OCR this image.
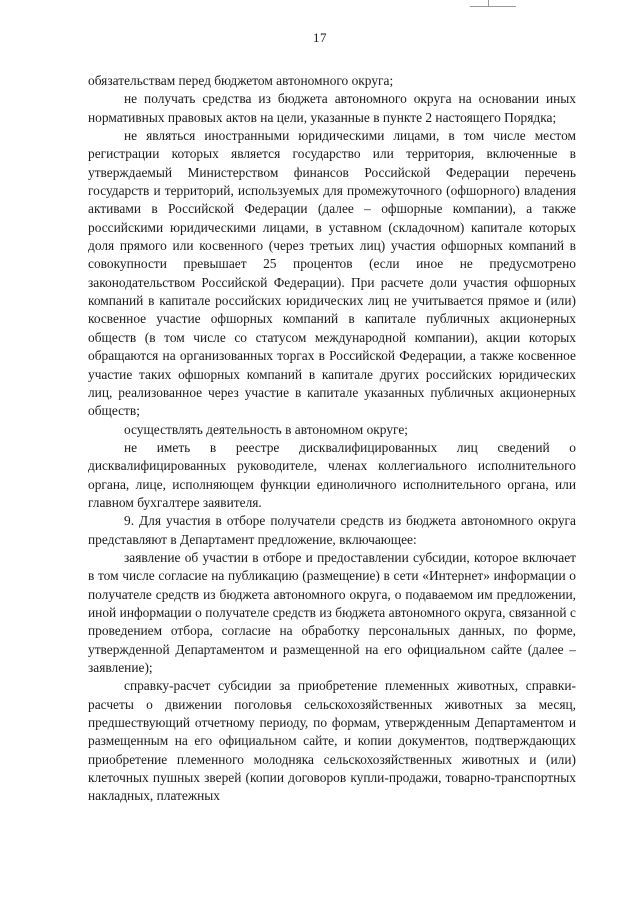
17

обязательствам перед бюджетом автономного округа;

не получать средства из бюджета автономного округа на основании иных нормативных правовых актов на цели, указанные в пункте 2 настоящего Порядка;

не являться иностранными юридическими лицами, в том числе местом регистрации которых является государство или территория, включенные в утверждаемый Министерством финансов Российской Федерации перечень государств и территорий, используемых для промежуточного (офшорного) владения активами в Российской Федерации (далее – офшорные компании), а также российскими юридическими лицами, в уставном (складочном) капитале которых доля прямого или косвенного (через третьих лиц) участия офшорных компаний в совокупности превышает 25 процентов (если иное не предусмотрено законодательством Российской Федерации). При расчете доли участия офшорных компаний в капитале российских юридических лиц не учитывается прямое и (или) косвенное участие офшорных компаний в капитале публичных акционерных обществ (в том числе со статусом международной компании), акции которых обращаются на организованных торгах в Российской Федерации, а также косвенное участие таких офшорных компаний в капитале других российских юридических лиц, реализованное через участие в капитале указанных публичных акционерных обществ;

осуществлять деятельность в автономном округе;

не иметь в реестре дисквалифицированных лиц сведений о дисквалифицированных руководителе, членах коллегиального исполнительного органа, лице, исполняющем функции единоличного исполнительного органа, или главном бухгалтере заявителя.

9. Для участия в отборе получатели средств из бюджета автономного округа представляют в Департамент предложение, включающее:

заявление об участии в отборе и предоставлении субсидии, которое включает в том числе согласие на публикацию (размещение) в сети «Интернет» информации о получателе средств из бюджета автономного округа, о подаваемом им предложении, иной информации о получателе средств из бюджета автономного округа, связанной с проведением отбора, согласие на обработку персональных данных, по форме, утвержденной Департаментом и размещенной на его официальном сайте (далее – заявление);

справку-расчет субсидии за приобретение племенных животных, справки-расчеты о движении поголовья сельскохозяйственных животных за месяц, предшествующий отчетному периоду, по формам, утвержденным Департаментом и размещенным на его официальном сайте, и копии документов, подтверждающих приобретение племенного молодняка сельскохозяйственных животных и (или) клеточных пушных зверей (копии договоров купли-продажи, товарно-транспортных накладных, платежных
